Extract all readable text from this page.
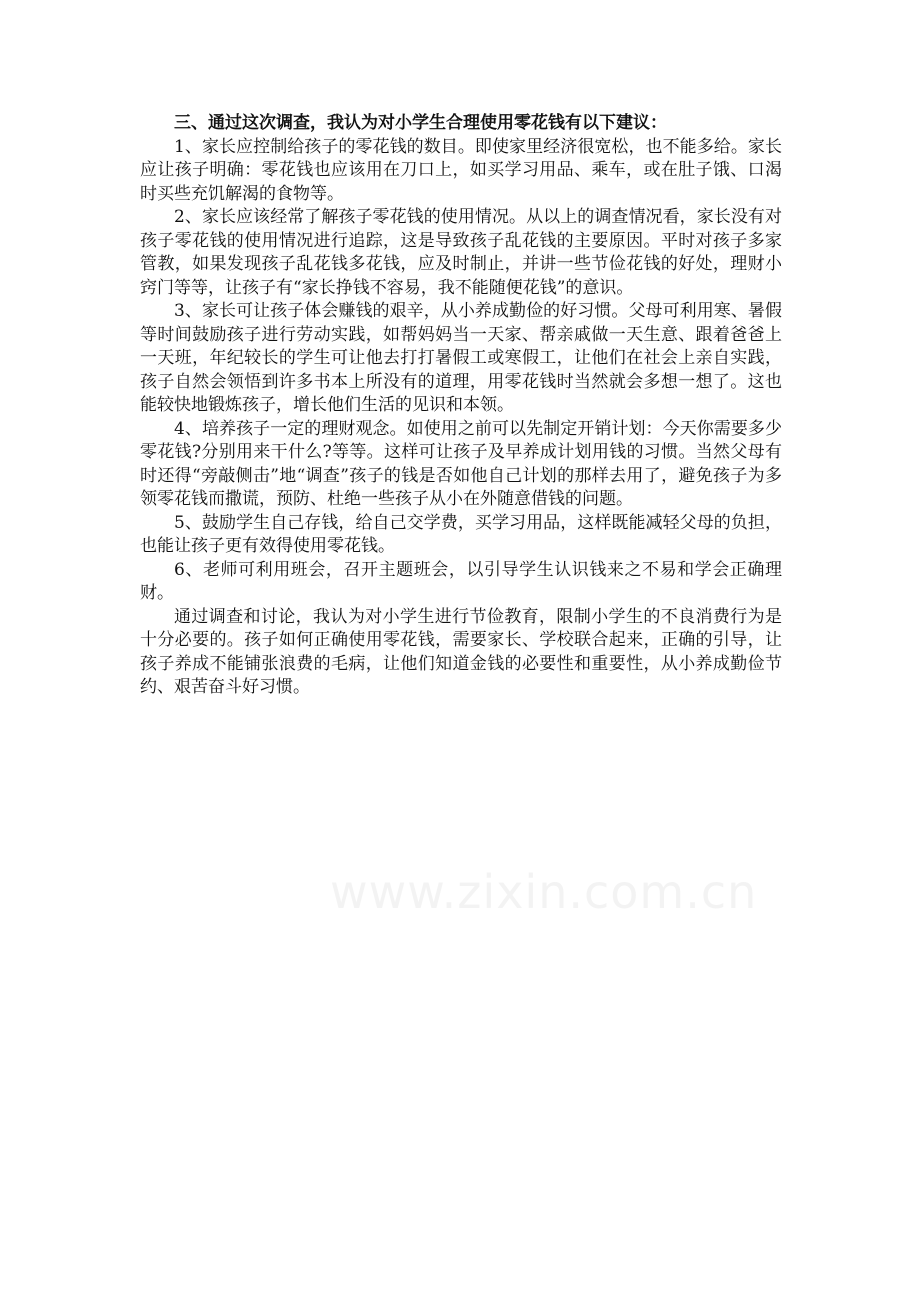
三、通过这次调查，我认为对小学生合理使用零花钱有以下建议：

1、家长应控制给孩子的零花钱的数目。即使家里经济很宽松，也不能多给。家长应让孩子明确：零花钱也应该用在刀口上，如买学习用品、乘车，或在肚子饿、口渴时买些充饥解渴的食物等。

2、家长应该经常了解孩子零花钱的使用情况。从以上的调查情况看，家长没有对孩子零花钱的使用情况进行追踪，这是导致孩子乱花钱的主要原因。平时对孩子多家管教，如果发现孩子乱花钱多花钱，应及时制止，并讲一些节俭花钱的好处，理财小窍门等等，让孩子有“家长挣钱不容易，我不能随便花钱”的意识。

3、家长可让孩子体会赚钱的艰辛，从小养成勤俭的好习惯。父母可利用寒、暑假等时间鼓励孩子进行劳动实践，如帮妈妈当一天家、帮亲戚做一天生意、跟着爸爸上一天班，年纪较长的学生可让他去打打暑假工或寒假工，让他们在社会上亲自实践，孩子自然会领悟到许多书本上所没有的道理，用零花钱时当然就会多想一想了。这也能较快地锻炼孩子，增长他们生活的见识和本领。

4、培养孩子一定的理财观念。如使用之前可以先制定开销计划：今天你需要多少零花钱?分别用来干什么?等等。这样可让孩子及早养成计划用钱的习惯。当然父母有时还得“旁敲侧击”地“调查”孩子的钱是否如他自己计划的那样去用了，避免孩子为多领零花钱而撒谎，预防、杜绝一些孩子从小在外随意借钱的问题。

5、鼓励学生自己存钱，给自己交学费，买学习用品，这样既能减轻父母的负担，也能让孩子更有效得使用零花钱。

6、老师可利用班会，召开主题班会，以引导学生认识钱来之不易和学会正确理财。

通过调查和讨论，我认为对小学生进行节俭教育，限制小学生的不良消费行为是十分必要的。孩子如何正确使用零花钱，需要家长、学校联合起来，正确的引导，让孩子养成不能铺张浪费的毛病，让他们知道金钱的必要性和重要性，从小养成勤俭节约、艰苦奋斗好习惯。

www.zixin.com.cn
